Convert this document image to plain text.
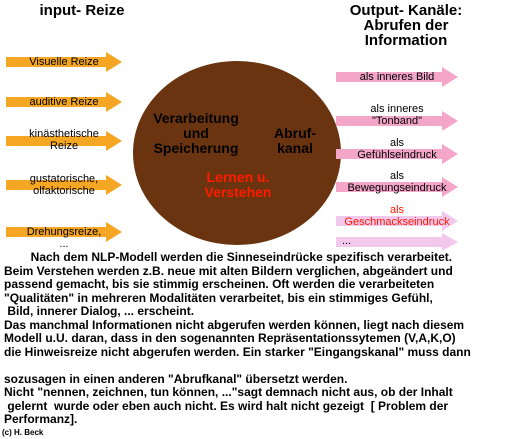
input- Reize	Output- Kanäle:
Abrufen der
Information
Verarbeitung
und
Speicherung
Abruf-
kanal
Lernen u.
Verstehen
Visuelle Reize
auditive Reize
kinästhetische
Reize
gustatorische,
olfaktorische
Drehungsreize,
...
als inneres Bild
als inneres
"Tonband"
als
Gefühlseindruck
als
Bewegungseindruck
als
Geschmackseindruck
...

Nach dem NLP-Modell werden die Sinneseindrücke spezifisch verarbeitet.

Beim Verstehen werden z.B. neue mit alten Bildern verglichen, abgeändert und

passend gemacht, bis sie stimmig erscheinen. Oft werden die verarbeiteten

"Qualitäten" in mehreren Modalitäten verarbeitet, bis ein stimmiges Gefühl,

Bild, innerer Dialog, ... erscheint.

Das manchmal Informationen nicht abgerufen werden können, liegt nach diesem

Modell u.U. daran, dass in den sogenannten Repräsentationssytemen (V,A,K,O)

die Hinweisreize nicht abgerufen werden. Ein starker "Eingangskanal" muss dann

sozusagen in einen anderen "Abrufkanal" übersetzt werden.

Nicht "nennen, zeichnen, tun können, ..."sagt demnach nicht aus, ob der Inhalt

gelernt  wurde oder eben auch nicht. Es wird halt nicht gezeigt  [ Problem der

Performanz].

(c) H. Beck
